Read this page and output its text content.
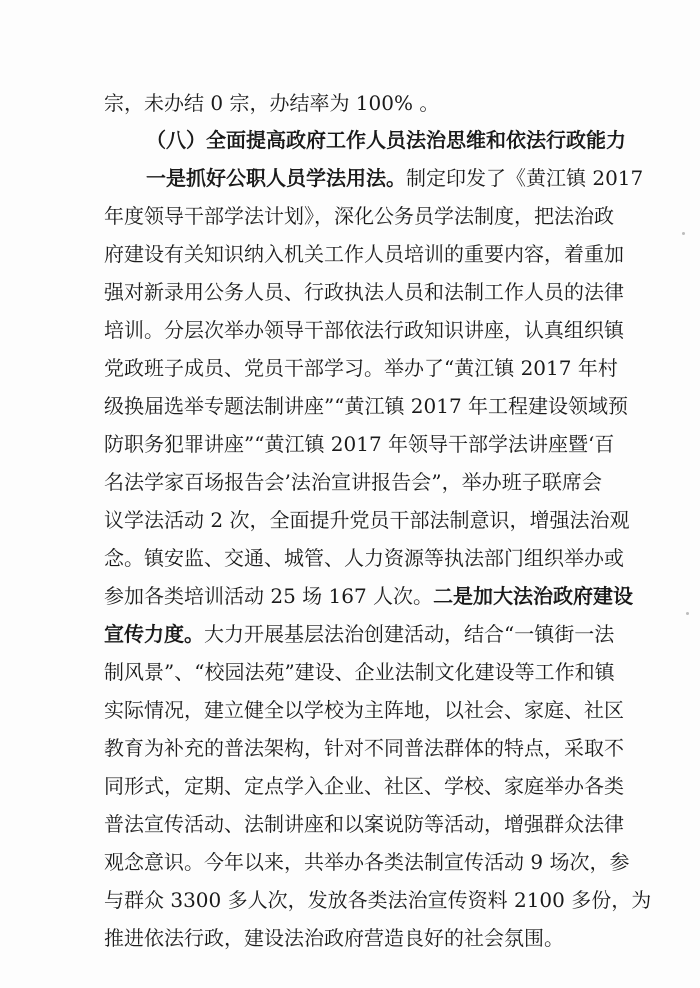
宗，未办结 0 宗，办结率为 100% 。
（八）全面提高政府工作人员法治思维和依法行政能力
一是抓好公职人员学法用法。制定印发了《黄江镇 2017
年度领导干部学法计划》，深化公务员学法制度，把法治政
府建设有关知识纳入机关工作人员培训的重要内容，着重加
强对新录用公务人员、行政执法人员和法制工作人员的法律
培训。分层次举办领导干部依法行政知识讲座，认真组织镇
党政班子成员、党员干部学习。举办了“黄江镇 2017 年村
级换届选举专题法制讲座”“黄江镇 2017 年工程建设领域预
防职务犯罪讲座”“黄江镇 2017 年领导干部学法讲座暨‘百
名法学家百场报告会’法治宣讲报告会”，举办班子联席会
议学法活动 2 次，全面提升党员干部法制意识，增强法治观
念。镇安监、交通、城管、人力资源等执法部门组织举办或
参加各类培训活动 25 场 167 人次。二是加大法治政府建设
宣传力度。大力开展基层法治创建活动，结合“一镇街一法
制风景”、“校园法苑”建设、企业法制文化建设等工作和镇
实际情况，建立健全以学校为主阵地，以社会、家庭、社区
教育为补充的普法架构，针对不同普法群体的特点，采取不
同形式，定期、定点学入企业、社区、学校、家庭举办各类
普法宣传活动、法制讲座和以案说防等活动，增强群众法律
观念意识。今年以来，共举办各类法制宣传活动 9 场次，参
与群众 3300 多人次，发放各类法治宣传资料 2100 多份，为
推进依法行政，建设法治政府营造良好的社会氛围。
